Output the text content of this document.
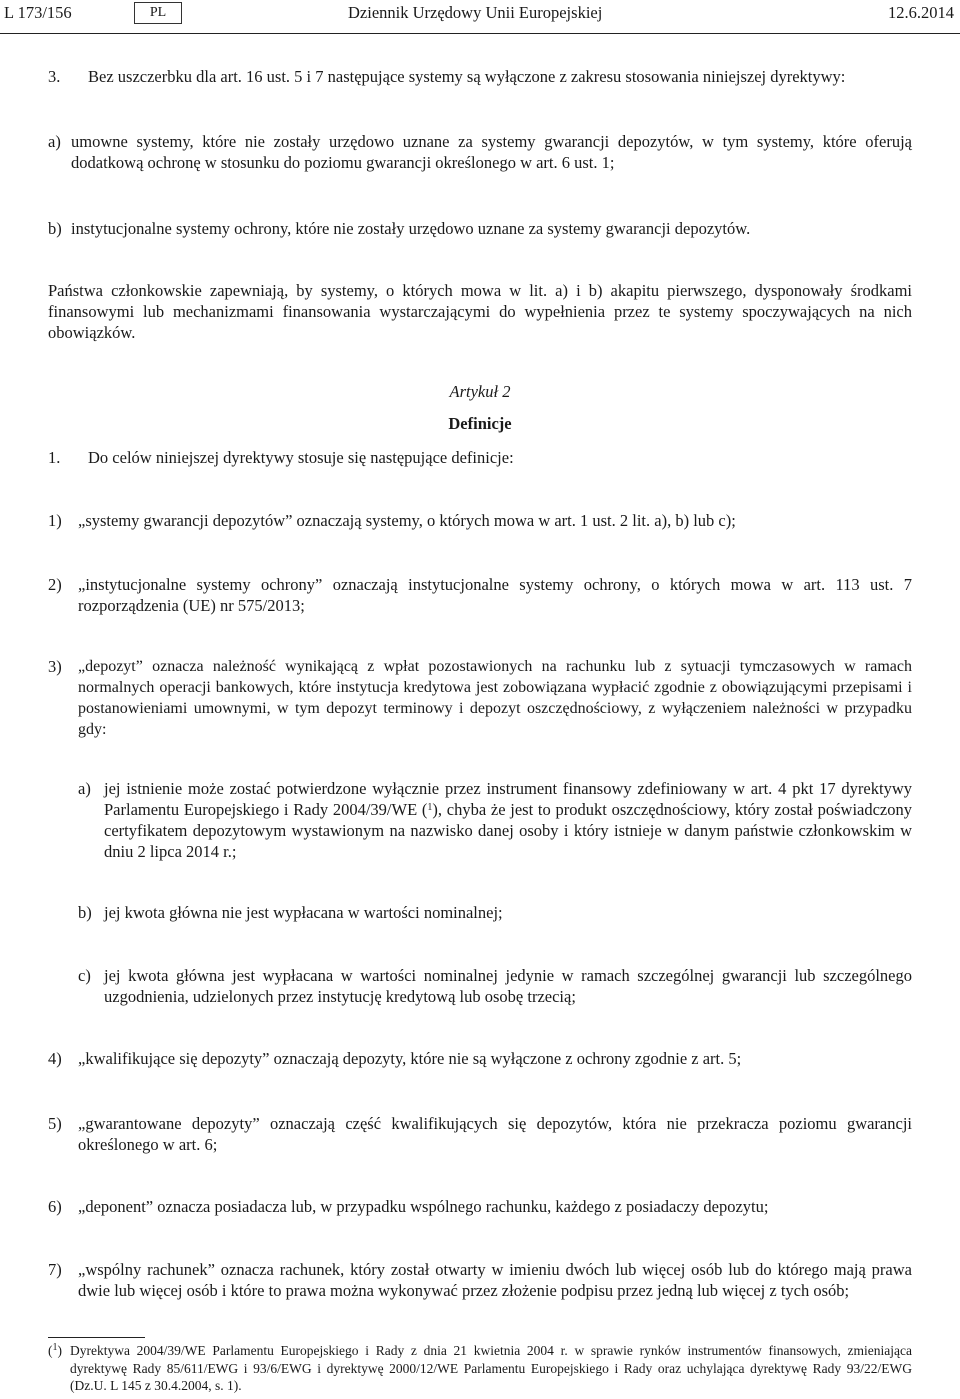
L 173/156	PL	Dziennik Urzędowy Unii Europejskiej	12.6.2014
3. Bez uszczerbku dla art. 16 ust. 5 i 7 następujące systemy są wyłączone z zakresu stosowania niniejszej dyrektywy:

a) umowne systemy, które nie zostały urzędowo uznane za systemy gwarancji depozytów, w tym systemy, które oferują dodatkową ochronę w stosunku do poziomu gwarancji określonego w art. 6 ust. 1;

b) instytucjonalne systemy ochrony, które nie zostały urzędowo uznane za systemy gwarancji depozytów.

Państwa członkowskie zapewniają, by systemy, o których mowa w lit. a) i b) akapitu pierwszego, dysponowały środkami finansowymi lub mechanizmami finansowania wystarczającymi do wypełnienia przez te systemy spoczywających na nich obowiązków.

Artykuł 2
Definicje
1. Do celów niniejszej dyrektywy stosuje się następujące definicje:

1) „systemy gwarancji depozytów” oznaczają systemy, o których mowa w art. 1 ust. 2 lit. a), b) lub c);

2) „instytucjonalne systemy ochrony” oznaczają instytucjonalne systemy ochrony, o których mowa w art. 113 ust. 7 rozporządzenia (UE) nr 575/2013;

3) „depozyt” oznacza należność wynikającą z wpłat pozostawionych na rachunku lub z sytuacji tymczasowych w ramach normalnych operacji bankowych, które instytucja kredytowa jest zobowiązana wypłacić zgodnie z obowiązującymi przepisami i postanowieniami umownymi, w tym depozyt terminowy i depozyt oszczędnościowy, z wyłączeniem należności w przypadku gdy:

a) jej istnienie może zostać potwierdzone wyłącznie przez instrument finansowy zdefiniowany w art. 4 pkt 17 dyrektywy Parlamentu Europejskiego i Rady 2004/39/WE ($^1$), chyba że jest to produkt oszczędnościowy, który został poświadczony certyfikatem depozytowym wystawionym na nazwisko danej osoby i który istnieje w danym państwie członkowskim w dniu 2 lipca 2014 r.;

b) jej kwota główna nie jest wypłacana w wartości nominalnej;

c) jej kwota główna jest wypłacana w wartości nominalnej jedynie w ramach szczególnej gwarancji lub szczególnego uzgodnienia, udzielonych przez instytucję kredytową lub osobę trzecią;

4) „kwalifikujące się depozyty” oznaczają depozyty, które nie są wyłączone z ochrony zgodnie z art. 5;

5) „gwarantowane depozyty” oznaczają część kwalifikujących się depozytów, która nie przekracza poziomu gwarancji określonego w art. 6;

6) „deponent” oznacza posiadacza lub, w przypadku wspólnego rachunku, każdego z posiadaczy depozytu;

7) „wspólny rachunek” oznacza rachunek, który został otwarty w imieniu dwóch lub więcej osób lub do którego mają prawa dwie lub więcej osób i które to prawa można wykonywać przez złożenie podpisu przez jedną lub więcej z tych osób;

($^1$) Dyrektywa 2004/39/WE Parlamentu Europejskiego i Rady z dnia 21 kwietnia 2004 r. w sprawie rynków instrumentów finansowych, zmieniająca dyrektywę Rady 85/611/EWG i 93/6/EWG i dyrektywę 2000/12/WE Parlamentu Europejskiego i Rady oraz uchylająca dyrektywę Rady 93/22/EWG (Dz.U. L 145 z 30.4.2004, s. 1).
